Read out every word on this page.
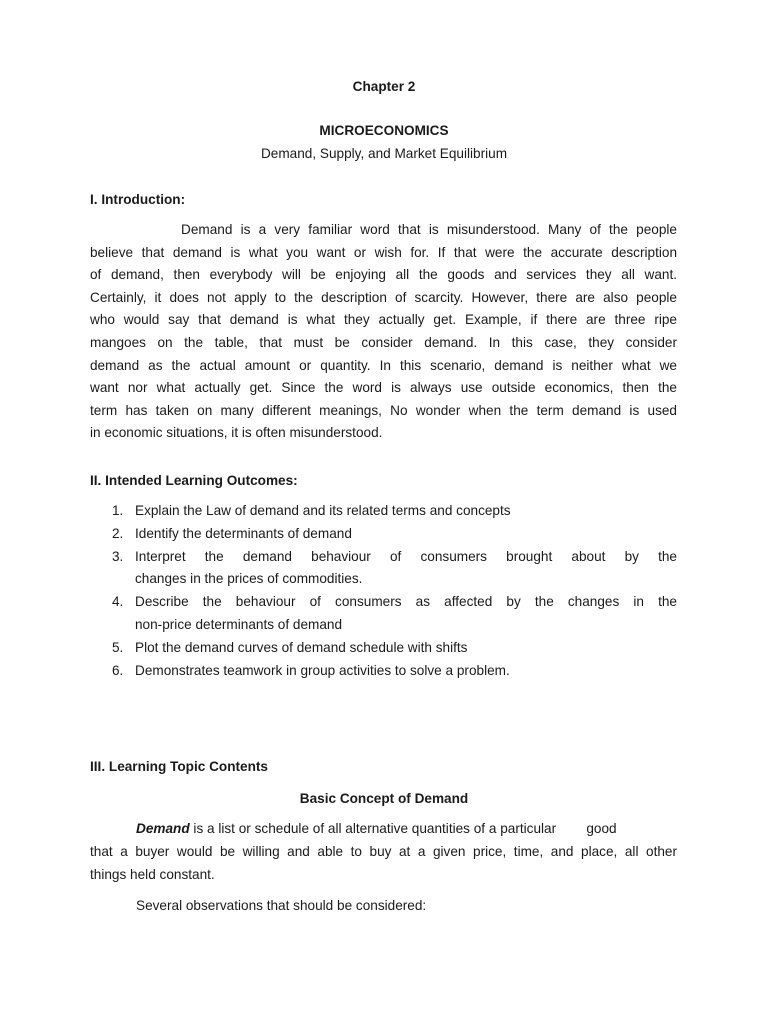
Chapter 2
MICROECONOMICS
Demand, Supply, and Market Equilibrium
I. Introduction:
Demand is a very familiar word that is misunderstood. Many of the people
believe that demand is what you want or wish for. If that were the accurate description
of demand, then everybody will be enjoying all the goods and services they all want.
Certainly, it does not apply to the description of scarcity. However, there are also people
who would say that demand is what they actually get. Example, if there are three ripe
mangoes on the table, that must be consider demand. In this case, they consider
demand as the actual amount or quantity. In this scenario, demand is neither what we
want nor what actually get. Since the word is always use outside economics, then the
term has taken on many different meanings, No wonder when the term demand is used
in economic situations, it is often misunderstood.
II. Intended Learning Outcomes:
1. Explain the Law of demand and its related terms and concepts
2. Identify the determinants of demand
3. Interpret the demand behaviour of consumers brought about by the
changes in the prices of commodities.
4. Describe the behaviour of consumers as affected by the changes in the
non-price determinants of demand
5. Plot the demand curves of demand schedule with shifts
6. Demonstrates teamwork in group activities to solve a problem.
III. Learning Topic Contents
Basic Concept of Demand
Demand is a list or schedule of all alternative quantities of a particular        good
that a buyer would be willing and able to buy at a given price, time, and place, all other
things held constant.
Several observations that should be considered:
